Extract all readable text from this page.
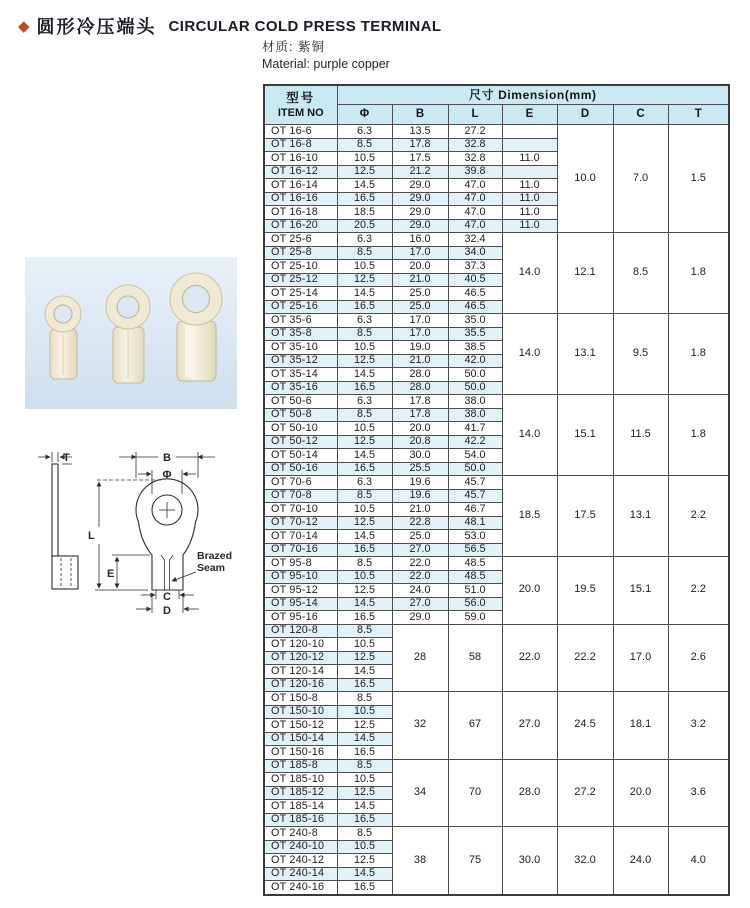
◆ 圆形冷压端头 CIRCULAR COLD PRESS TERMINAL
材质: 紫铜
Material: purple copper
T	B
Φ
L
E
C
D
Brazed
Seam
型号
ITEM NO	尺寸 Dimension(mm)						
	Φ	B	L	E	D	C	T
OT 16-6	6.3	13.5	27.2		10.0	7.0	1.5
OT 16-8	8.5	17.8	32.8				
OT 16-10	10.5	17.5	32.8	11.0			
OT 16-12	12.5	21.2	39.8				
OT 16-14	14.5	29.0	47.0	11.0			
OT 16-16	16.5	29.0	47.0	11.0			
OT 16-18	18.5	29.0	47.0	11.0			
OT 16-20	20.5	29.0	47.0	11.0			
OT 25-6	6.3	16.0	32.4	14.0	12.1	8.5	1.8
OT 25-8	8.5	17.0	34.0				
OT 25-10	10.5	20.0	37.3				
OT 25-12	12.5	21.0	40.5				
OT 25-14	14.5	25.0	46.5				
OT 25-16	16.5	25.0	46.5				
OT 35-6	6.3	17.0	35.0	14.0	13.1	9.5	1.8
OT 35-8	8.5	17.0	35.5				
OT 35-10	10.5	19.0	38.5				
OT 35-12	12.5	21.0	42.0				
OT 35-14	14.5	28.0	50.0				
OT 35-16	16.5	28.0	50.0				
OT 50-6	6.3	17.8	38.0	14.0	15.1	11.5	1.8
OT 50-8	8.5	17.8	38.0				
OT 50-10	10.5	20.0	41.7				
OT 50-12	12.5	20.8	42.2				
OT 50-14	14.5	30.0	54.0				
OT 50-16	16.5	25.5	50.0				
OT 70-6	6.3	19.6	45.7	18.5	17.5	13.1	2.2
OT 70-8	8.5	19.6	45.7				
OT 70-10	10.5	21.0	46.7				
OT 70-12	12.5	22.8	48.1				
OT 70-14	14.5	25.0	53.0				
OT 70-16	16.5	27.0	56.5				
OT 95-8	8.5	22.0	48.5	20.0	19.5	15.1	2.2
OT 95-10	10.5	22.0	48.5				
OT 95-12	12.5	24.0	51.0				
OT 95-14	14.5	27.0	56.0				
OT 95-16	16.5	29.0	59.0				
OT 120-8	8.5	28	58	22.0	22.2	17.0	2.6
OT 120-10	10.5						
OT 120-12	12.5						
OT 120-14	14.5						
OT 120-16	16.5						
OT 150-8	8.5	32	67	27.0	24.5	18.1	3.2
OT 150-10	10.5						
OT 150-12	12.5						
OT 150-14	14.5						
OT 150-16	16.5						
OT 185-8	8.5	34	70	28.0	27.2	20.0	3.6
OT 185-10	10.5						
OT 185-12	12.5						
OT 185-14	14.5						
OT 185-16	16.5						
OT 240-8	8.5	38	75	30.0	32.0	24.0	4.0
OT 240-10	10.5						
OT 240-12	12.5						
OT 240-14	14.5						
OT 240-16	16.5						
